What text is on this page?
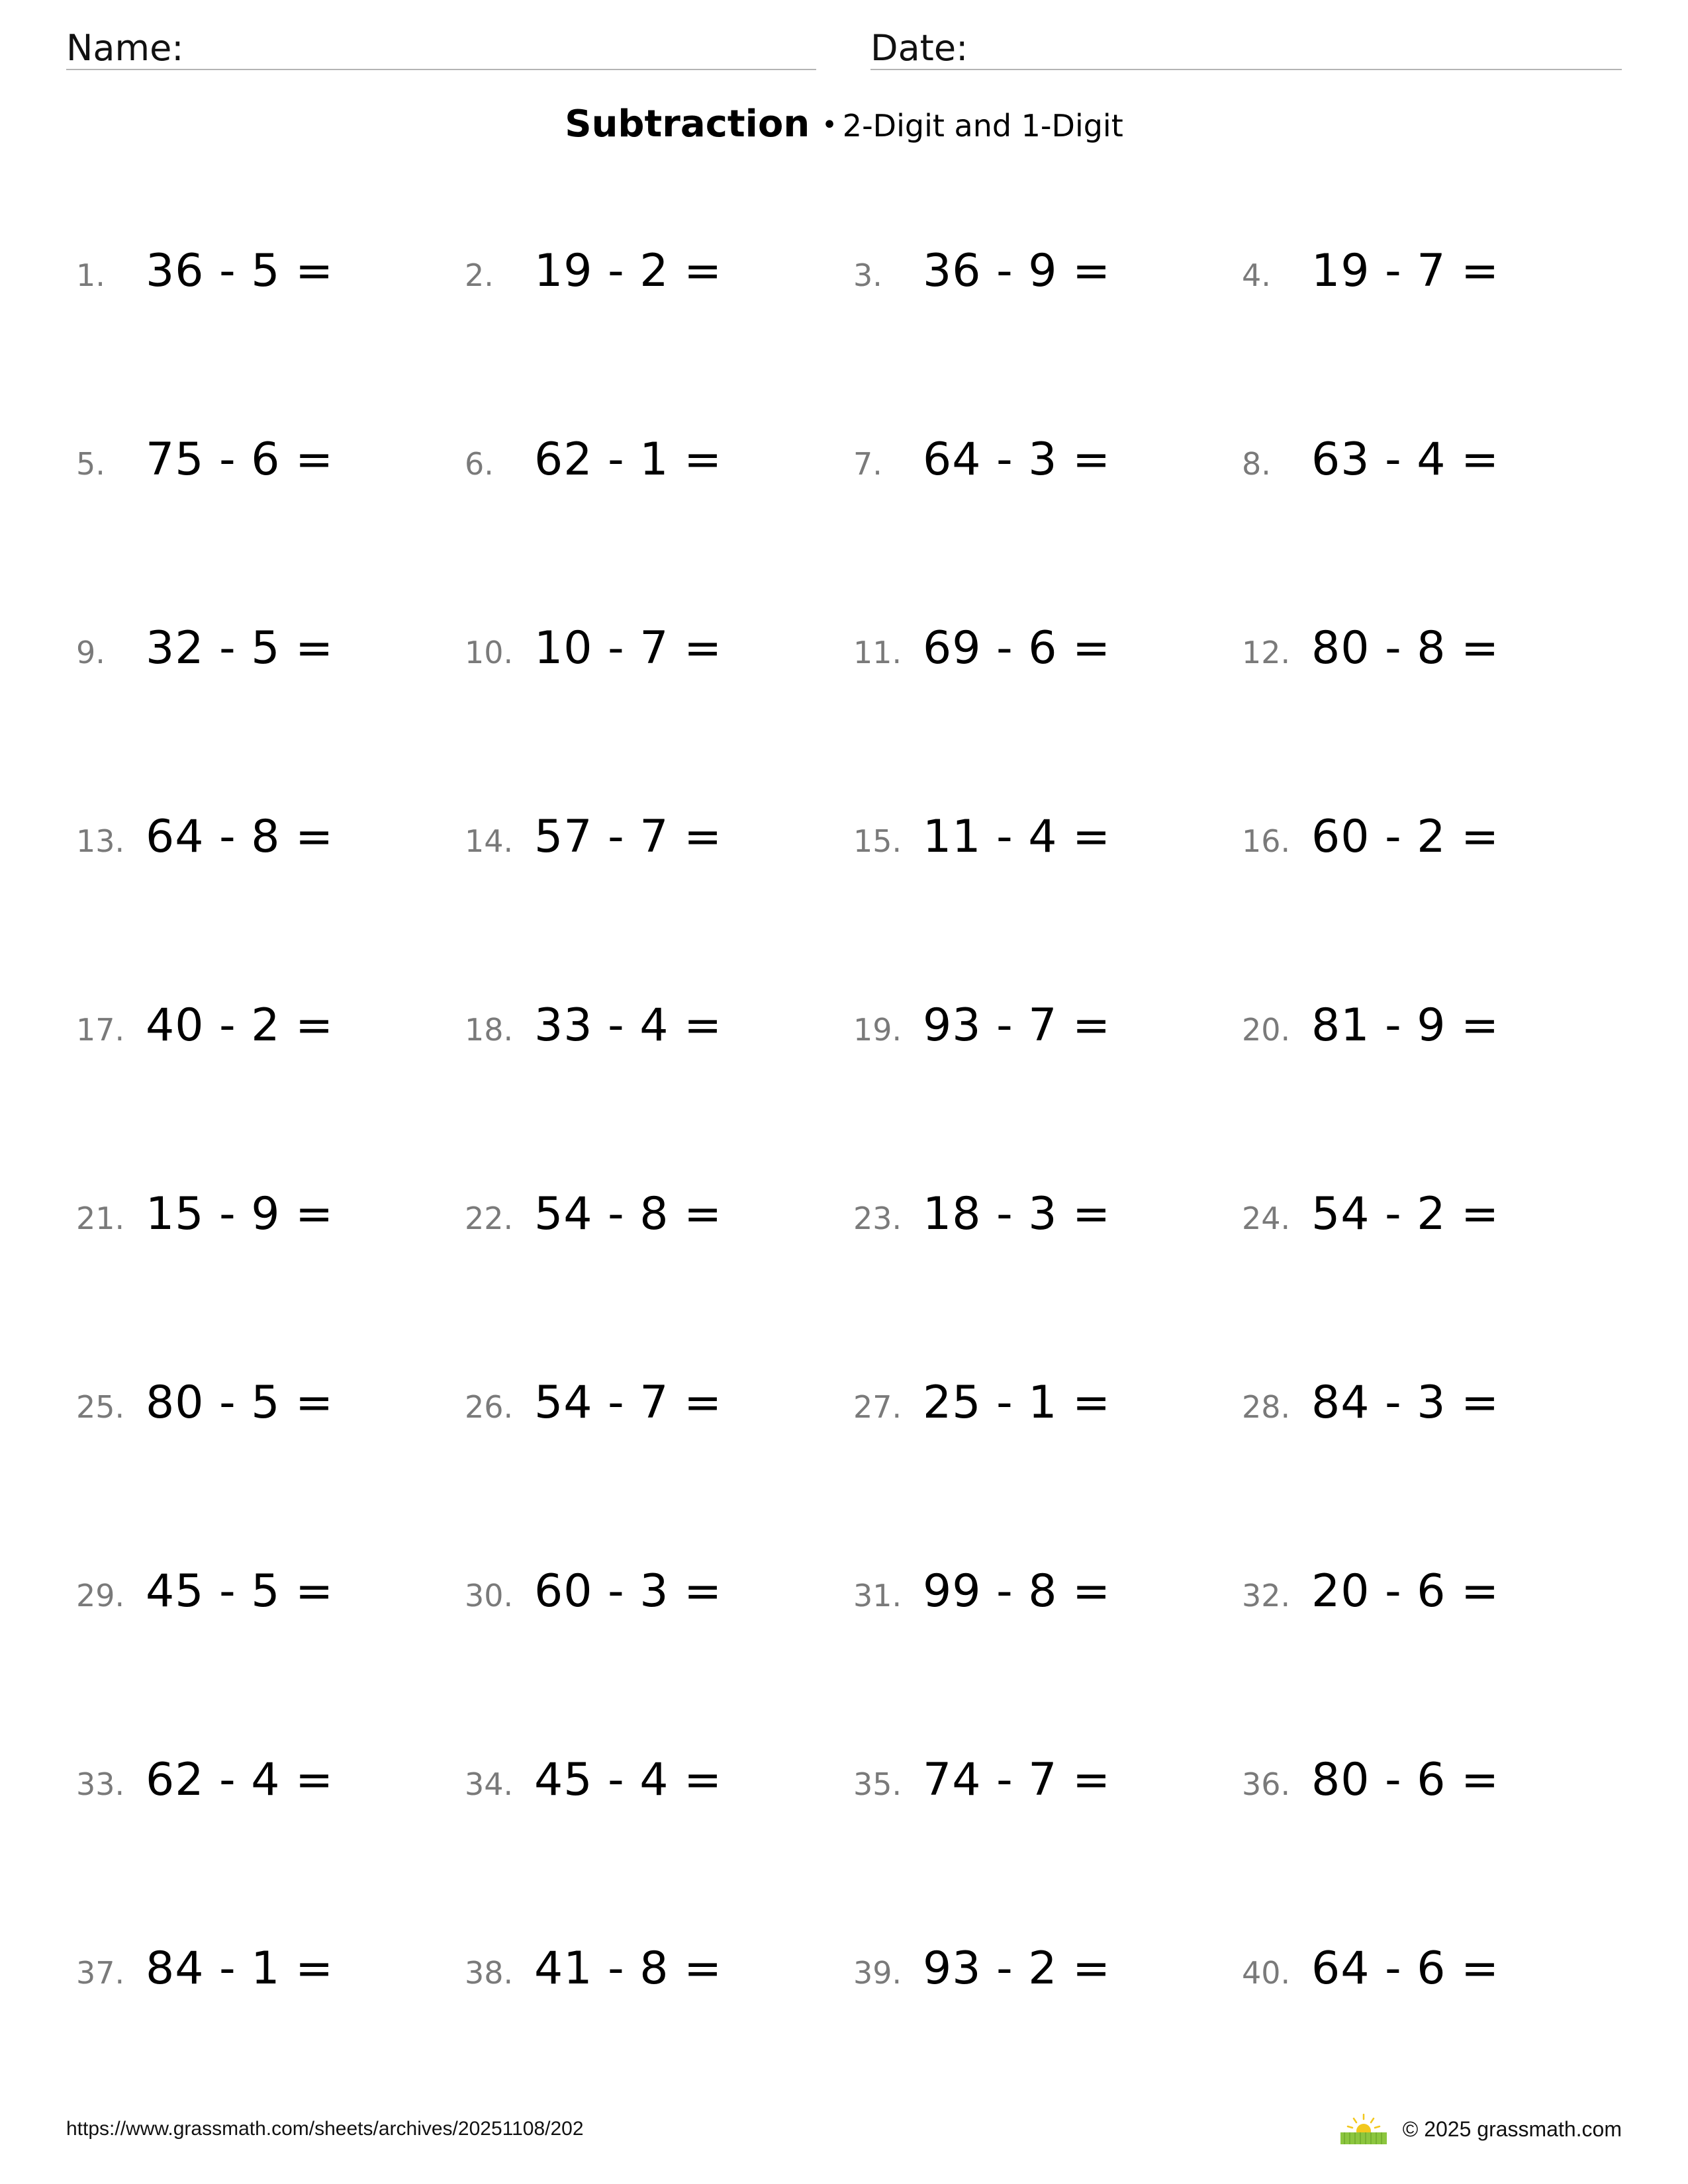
Name:	Date:
Subtraction • 2-Digit and 1-Digit
1. 36 - 5 =	2. 19 - 2 =	3. 36 - 9 =	4. 19 - 7 =
5. 75 - 6 =	6. 62 - 1 =	7. 64 - 3 =	8. 63 - 4 =
9. 32 - 5 =	10. 10 - 7 =	11. 69 - 6 =	12. 80 - 8 =
13. 64 - 8 =	14. 57 - 7 =	15. 11 - 4 =	16. 60 - 2 =
17. 40 - 2 =	18. 33 - 4 =	19. 93 - 7 =	20. 81 - 9 =
21. 15 - 9 =	22. 54 - 8 =	23. 18 - 3 =	24. 54 - 2 =
25. 80 - 5 =	26. 54 - 7 =	27. 25 - 1 =	28. 84 - 3 =
29. 45 - 5 =	30. 60 - 3 =	31. 99 - 8 =	32. 20 - 6 =
33. 62 - 4 =	34. 45 - 4 =	35. 74 - 7 =	36. 80 - 6 =
37. 84 - 1 =	38. 41 - 8 =	39. 93 - 2 =	40. 64 - 6 =
https://www.grassmath.com/sheets/archives/20251108/202	© 2025 grassmath.com
